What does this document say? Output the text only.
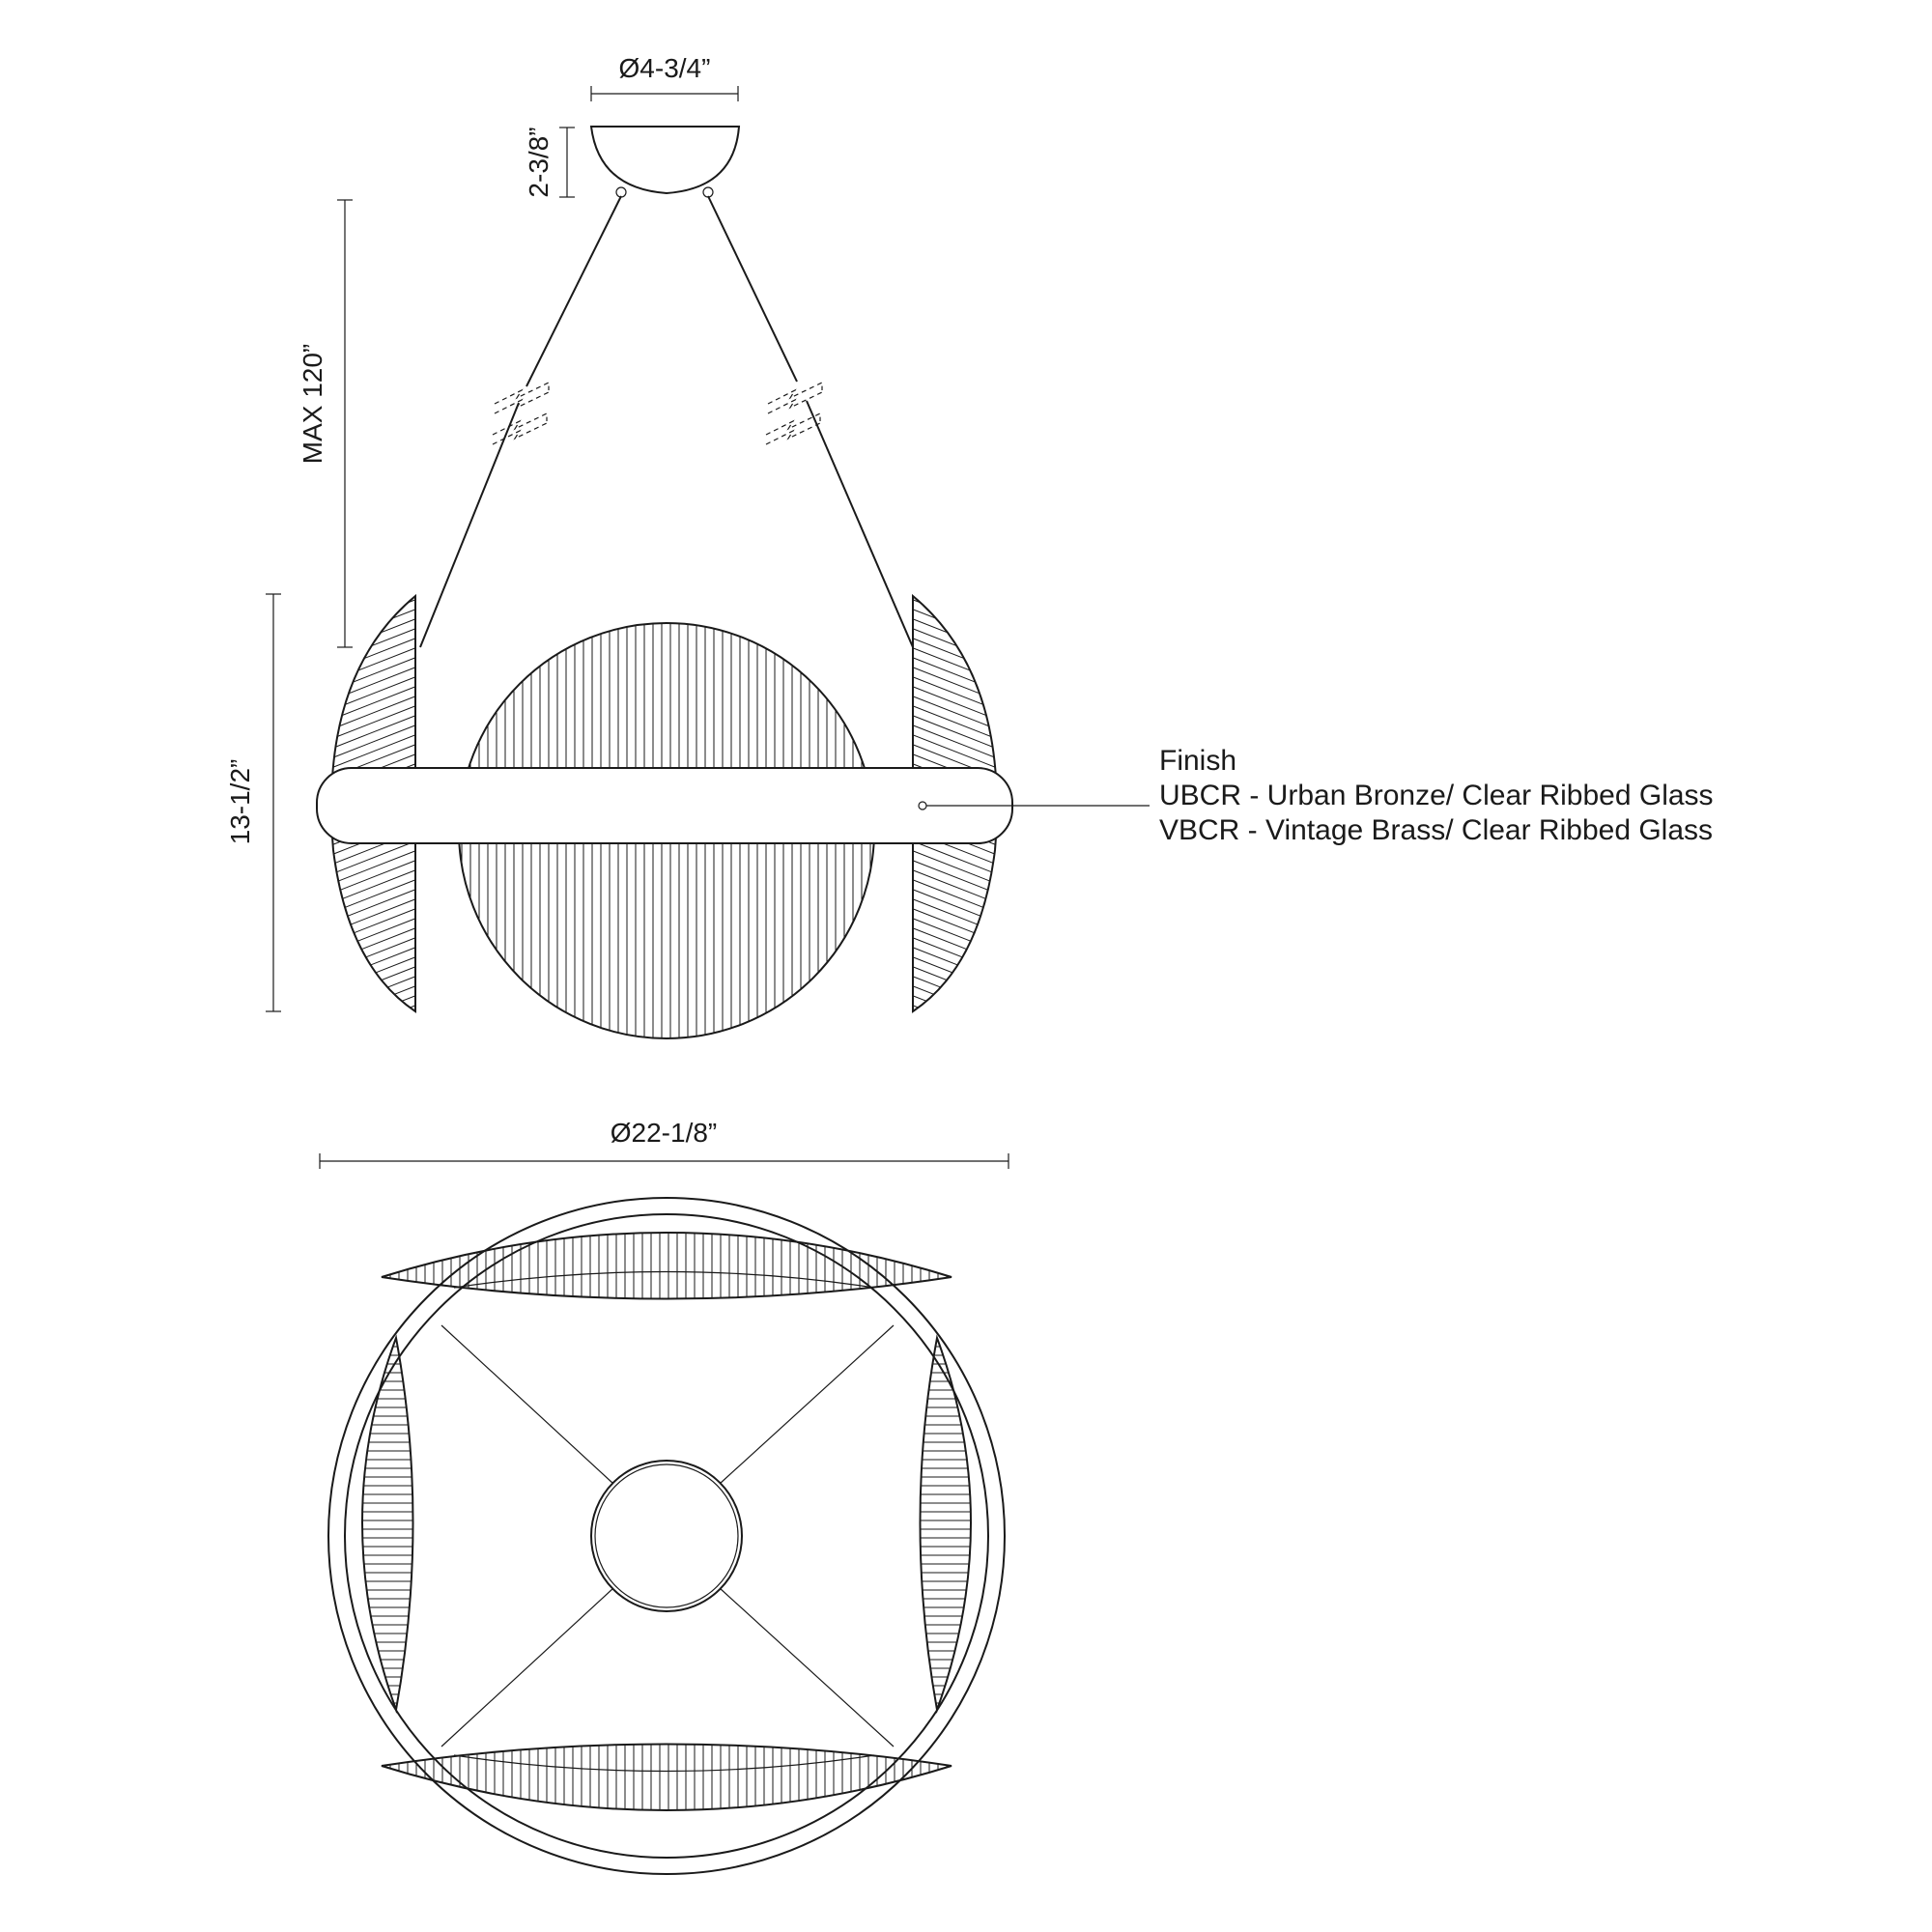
Ø4-3/4”
2-3/8”
MAX 120”
13-1/2”
Ø22-1/8”
Finish
UBCR - Urban Bronze/ Clear Ribbed Glass
VBCR - Vintage Brass/ Clear Ribbed Glass
